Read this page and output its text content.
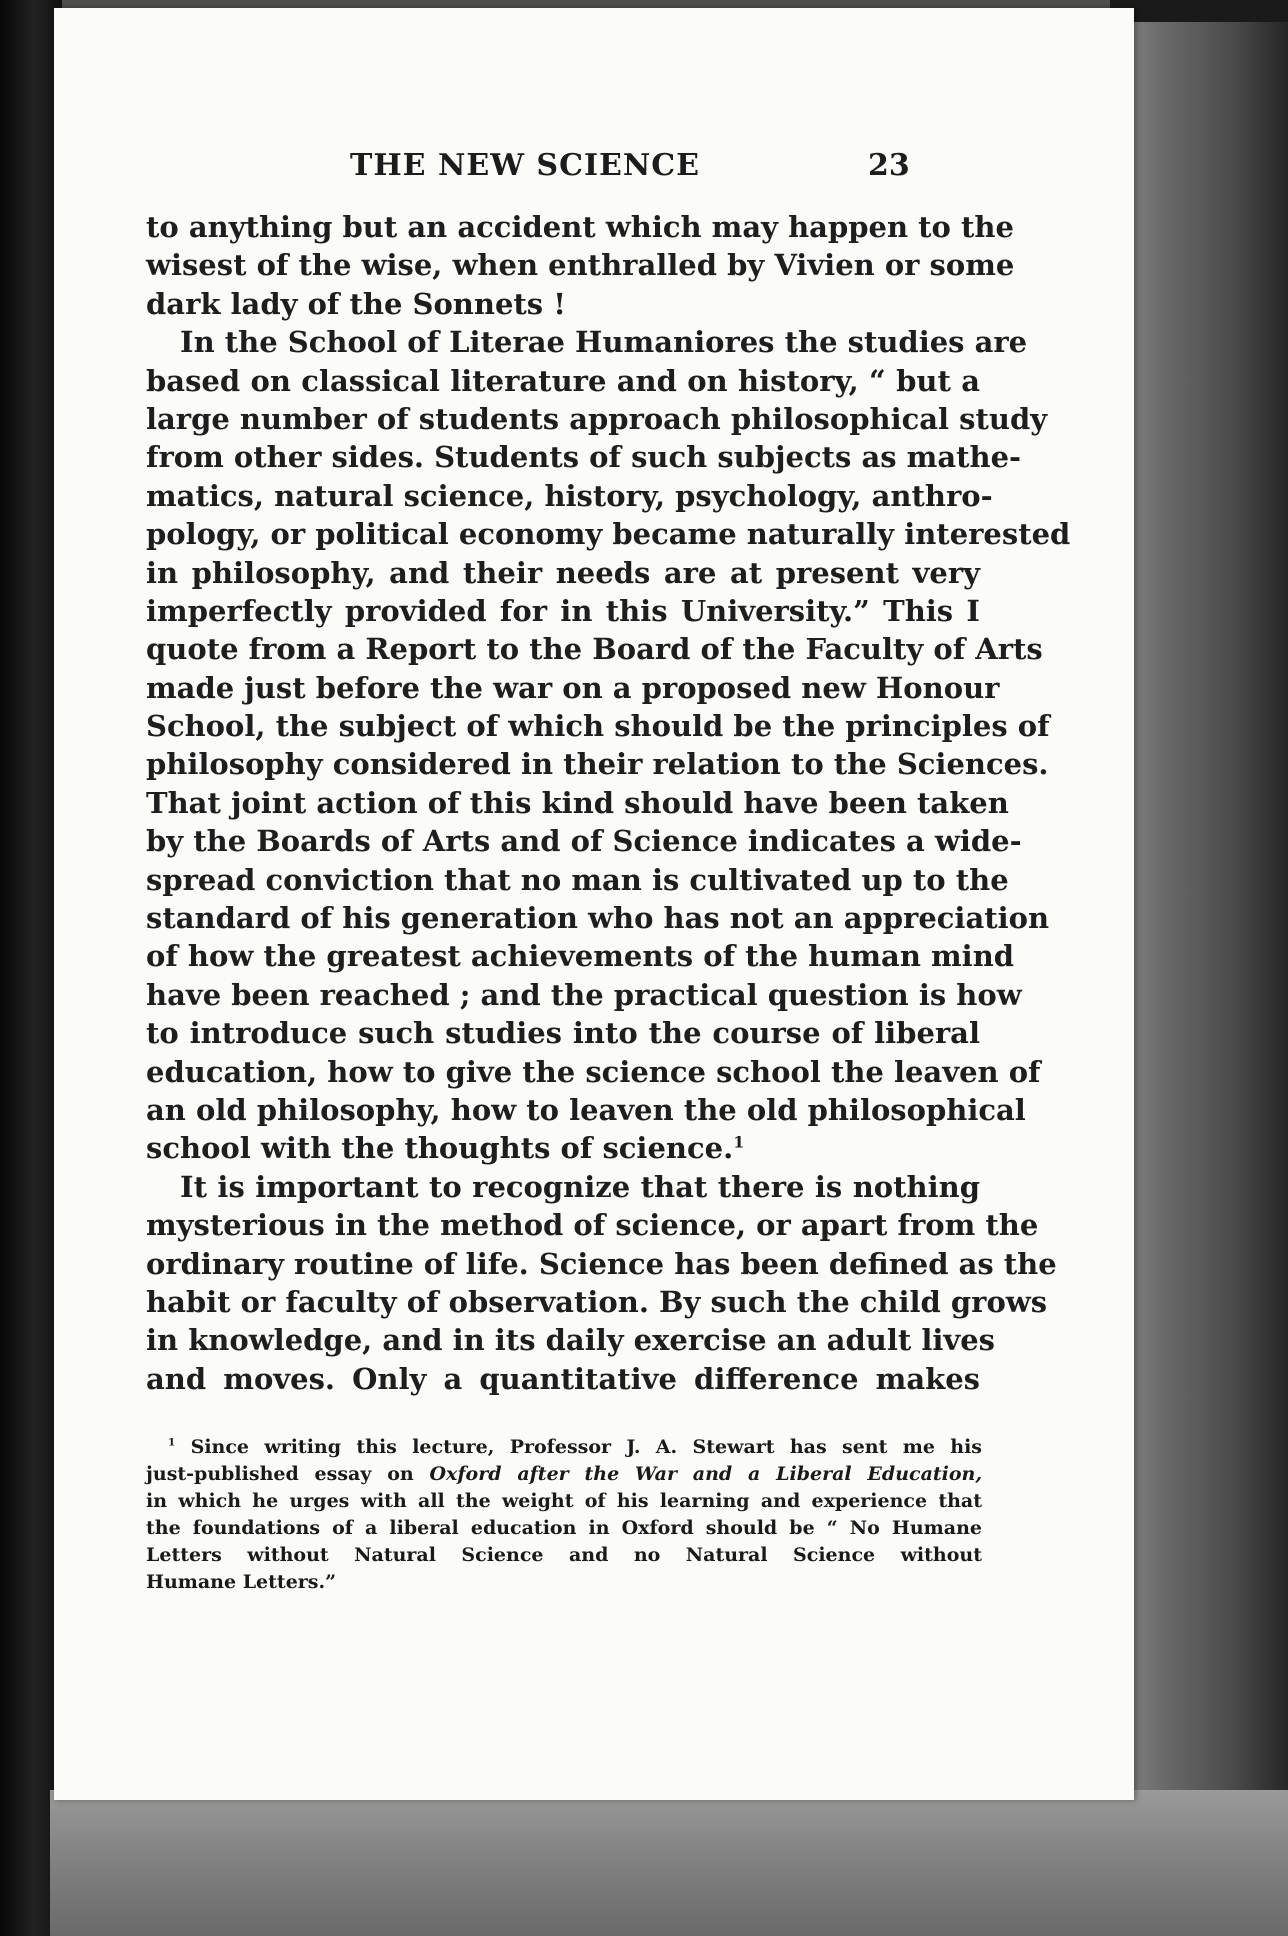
THE NEW SCIENCE	23
to anything but an accident which may happen to the
wisest of the wise, when enthralled by Vivien or some
dark lady of the Sonnets !
In the School of Literae Humaniores the studies are
based on classical literature and on history, “ but a
large number of students approach philosophical study
from other sides. Students of such subjects as mathe-
matics, natural science, history, psychology, anthro-
pology, or political economy became naturally interested
in philosophy, and their needs are at present very
imperfectly provided for in this University.” This I
quote from a Report to the Board of the Faculty of Arts
made just before the war on a proposed new Honour
School, the subject of which should be the principles of
philosophy considered in their relation to the Sciences.
That joint action of this kind should have been taken
by the Boards of Arts and of Science indicates a wide-
spread conviction that no man is cultivated up to the
standard of his generation who has not an appreciation
of how the greatest achievements of the human mind
have been reached ; and the practical question is how
to introduce such studies into the course of liberal
education, how to give the science school the leaven of
an old philosophy, how to leaven the old philosophical
school with the thoughts of science.$^1$
It is important to recognize that there is nothing
mysterious in the method of science, or apart from the
ordinary routine of life. Science has been defined as the
habit or faculty of observation. By such the child grows
in knowledge, and in its daily exercise an adult lives
and moves. Only a quantitative difference makes
$^1$ Since writing this lecture, Professor J. A. Stewart has sent me his
just-published essay on Oxford after the War and a Liberal Education,
in which he urges with all the weight of his learning and experience that
the foundations of a liberal education in Oxford should be “ No Humane
Letters without Natural Science and no Natural Science without
Humane Letters.”
